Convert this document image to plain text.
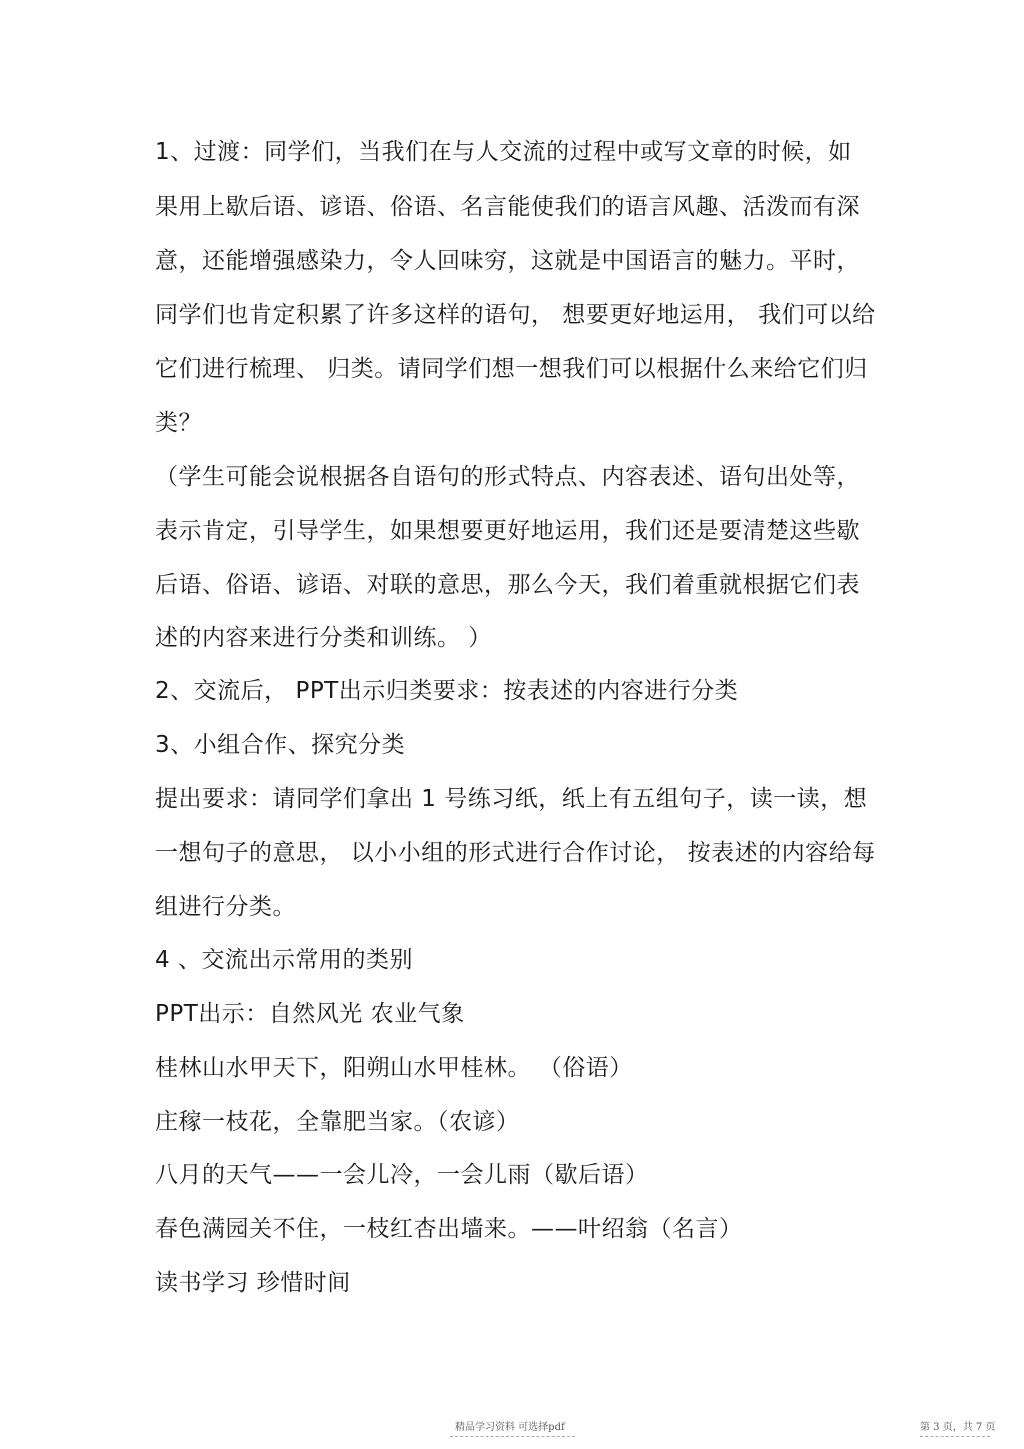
1、过渡：同学们，当我们在与人交流的过程中或写文章的时候，如
果用上歇后语、谚语、俗语、名言能使我们的语言风趣、活泼而有深
意，还能增强感染力，令人回味穷，这就是中国语言的魅力。平时，
同学们也肯定积累了许多这样的语句， 想要更好地运用， 我们可以给
它们进行梳理、 归类。请同学们想一想我们可以根据什么来给它们归
类？
（学生可能会说根据各自语句的形式特点、内容表述、语句出处等，
表示肯定，引导学生，如果想要更好地运用，我们还是要清楚这些歇
后语、俗语、谚语、对联的意思，那么今天，我们着重就根据它们表
述的内容来进行分类和训练。 ）
2、交流后， PPT出示归类要求：按表述的内容进行分类
3、小组合作、探究分类
提出要求：请同学们拿出 1 号练习纸，纸上有五组句子，读一读，想
一想句子的意思， 以小小组的形式进行合作讨论， 按表述的内容给每
组进行分类。
4 、交流出示常用的类别
PPT出示：自然风光 农业气象
桂林山水甲天下，阳朔山水甲桂林。 （俗语）
庄稼一枝花，全靠肥当家。（农谚）
八月的天气——一会儿冷，一会儿雨（歇后语）
春色满园关不住，一枝红杏出墙来。——叶绍翁（名言）
读书学习 珍惜时间
精品学习资料 可选择pdf	第 3 页，共 7 页
